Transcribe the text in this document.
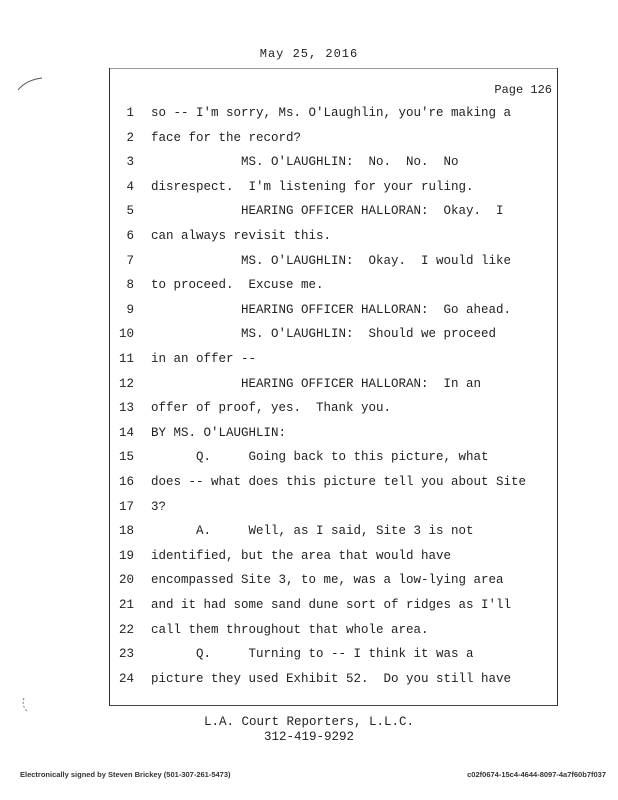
May 25, 2016
Page 126
1 so -- I'm sorry, Ms. O'Laughlin, you're making a
2 face for the record?
3 MS. O'LAUGHLIN:  No.  No.  No
4 disrespect.  I'm listening for your ruling.
5 HEARING OFFICER HALLORAN:  Okay.  I
6 can always revisit this.
7 MS. O'LAUGHLIN:  Okay.  I would like
8 to proceed.  Excuse me.
9 HEARING OFFICER HALLORAN:  Go ahead.
10 MS. O'LAUGHLIN:  Should we proceed
11 in an offer --
12 HEARING OFFICER HALLORAN:  In an
13 offer of proof, yes.  Thank you.
14 BY MS. O'LAUGHLIN:
15 Q.     Going back to this picture, what
16 does -- what does this picture tell you about Site
17 3?
18 A.     Well, as I said, Site 3 is not
19 identified, but the area that would have
20 encompassed Site 3, to me, was a low-lying area
21 and it had some sand dune sort of ridges as I'll
22 call them throughout that whole area.
23 Q.     Turning to -- I think it was a
24 picture they used Exhibit 52.  Do you still have
L.A. Court Reporters, L.L.C.
312-419-9292
Electronically signed by Steven Brickey (501-307-261-5473)	c02f0674-15c4-4644-8097-4a7f60b7f037
